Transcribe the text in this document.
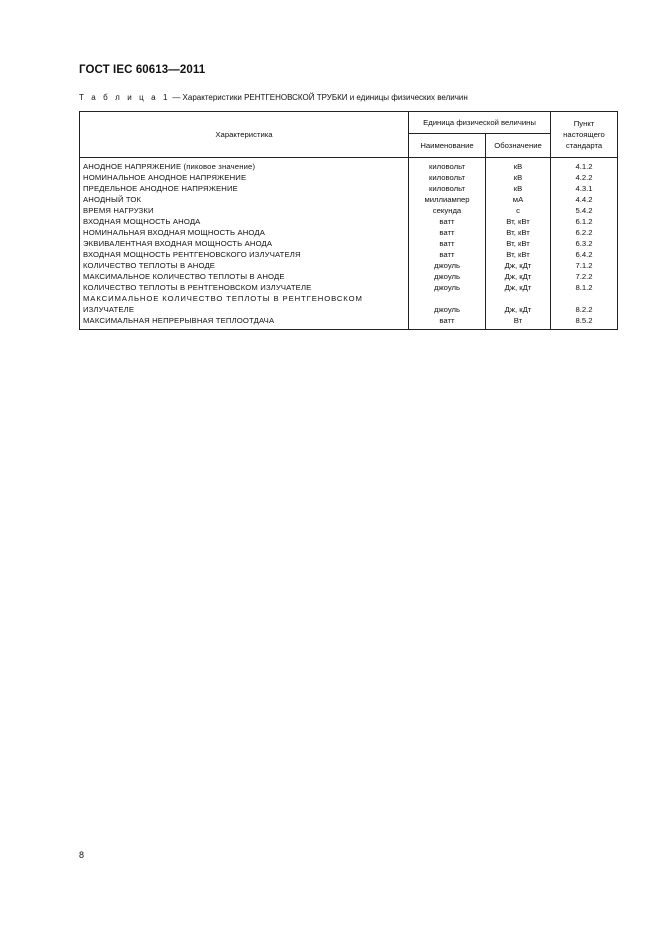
ГОСТ IEC 60613—2011
Т а б л и ц а 1 — Характеристики РЕНТГЕНОВСКОЙ ТРУБКИ и единицы физических величин
Характеристика	Единица физической величины		Пункт настоящего стандарта
	Наименование	Обозначение	
АНОДНОЕ НАПРЯЖЕНИЕ (пиковое значение)	киловольт	кВ	4.1.2
НОМИНАЛЬНОЕ АНОДНОЕ НАПРЯЖЕНИЕ	киловольт	кВ	4.2.2
ПРЕДЕЛЬНОЕ АНОДНОЕ НАПРЯЖЕНИЕ	киловольт	кВ	4.3.1
АНОДНЫЙ ТОК	миллиампер	мА	4.4.2
ВРЕМЯ НАГРУЗКИ	секунда	с	5.4.2
ВХОДНАЯ МОЩНОСТЬ АНОДА	ватт	Вт, кВт	6.1.2
НОМИНАЛЬНАЯ ВХОДНАЯ МОЩНОСТЬ АНОДА	ватт	Вт, кВт	6.2.2
ЭКВИВАЛЕНТНАЯ ВХОДНАЯ МОЩНОСТЬ АНОДА	ватт	Вт, кВт	6.3.2
ВХОДНАЯ МОЩНОСТЬ РЕНТГЕНОВСКОГО ИЗЛУЧАТЕЛЯ	ватт	Вт, кВт	6.4.2
КОЛИЧЕСТВО ТЕПЛОТЫ В АНОДЕ	джоуль	Дж, кДт	7.1.2
МАКСИМАЛЬНОЕ КОЛИЧЕСТВО ТЕПЛОТЫ В АНОДЕ	джоуль	Дж, кДт	7.2.2
КОЛИЧЕСТВО ТЕПЛОТЫ В РЕНТГЕНОВСКОМ ИЗЛУЧАТЕЛЕ	джоуль	Дж, кДт	8.1.2
МАКСИМАЛЬНОЕ КОЛИЧЕСТВО ТЕПЛОТЫ В РЕНТГЕНОВСКОМ			
ИЗЛУЧАТЕЛЕ	джоуль	Дж, кДт	8.2.2
МАКСИМАЛЬНАЯ НЕПРЕРЫВНАЯ ТЕПЛООТДАЧА	ватт	Вт	8.5.2
8
